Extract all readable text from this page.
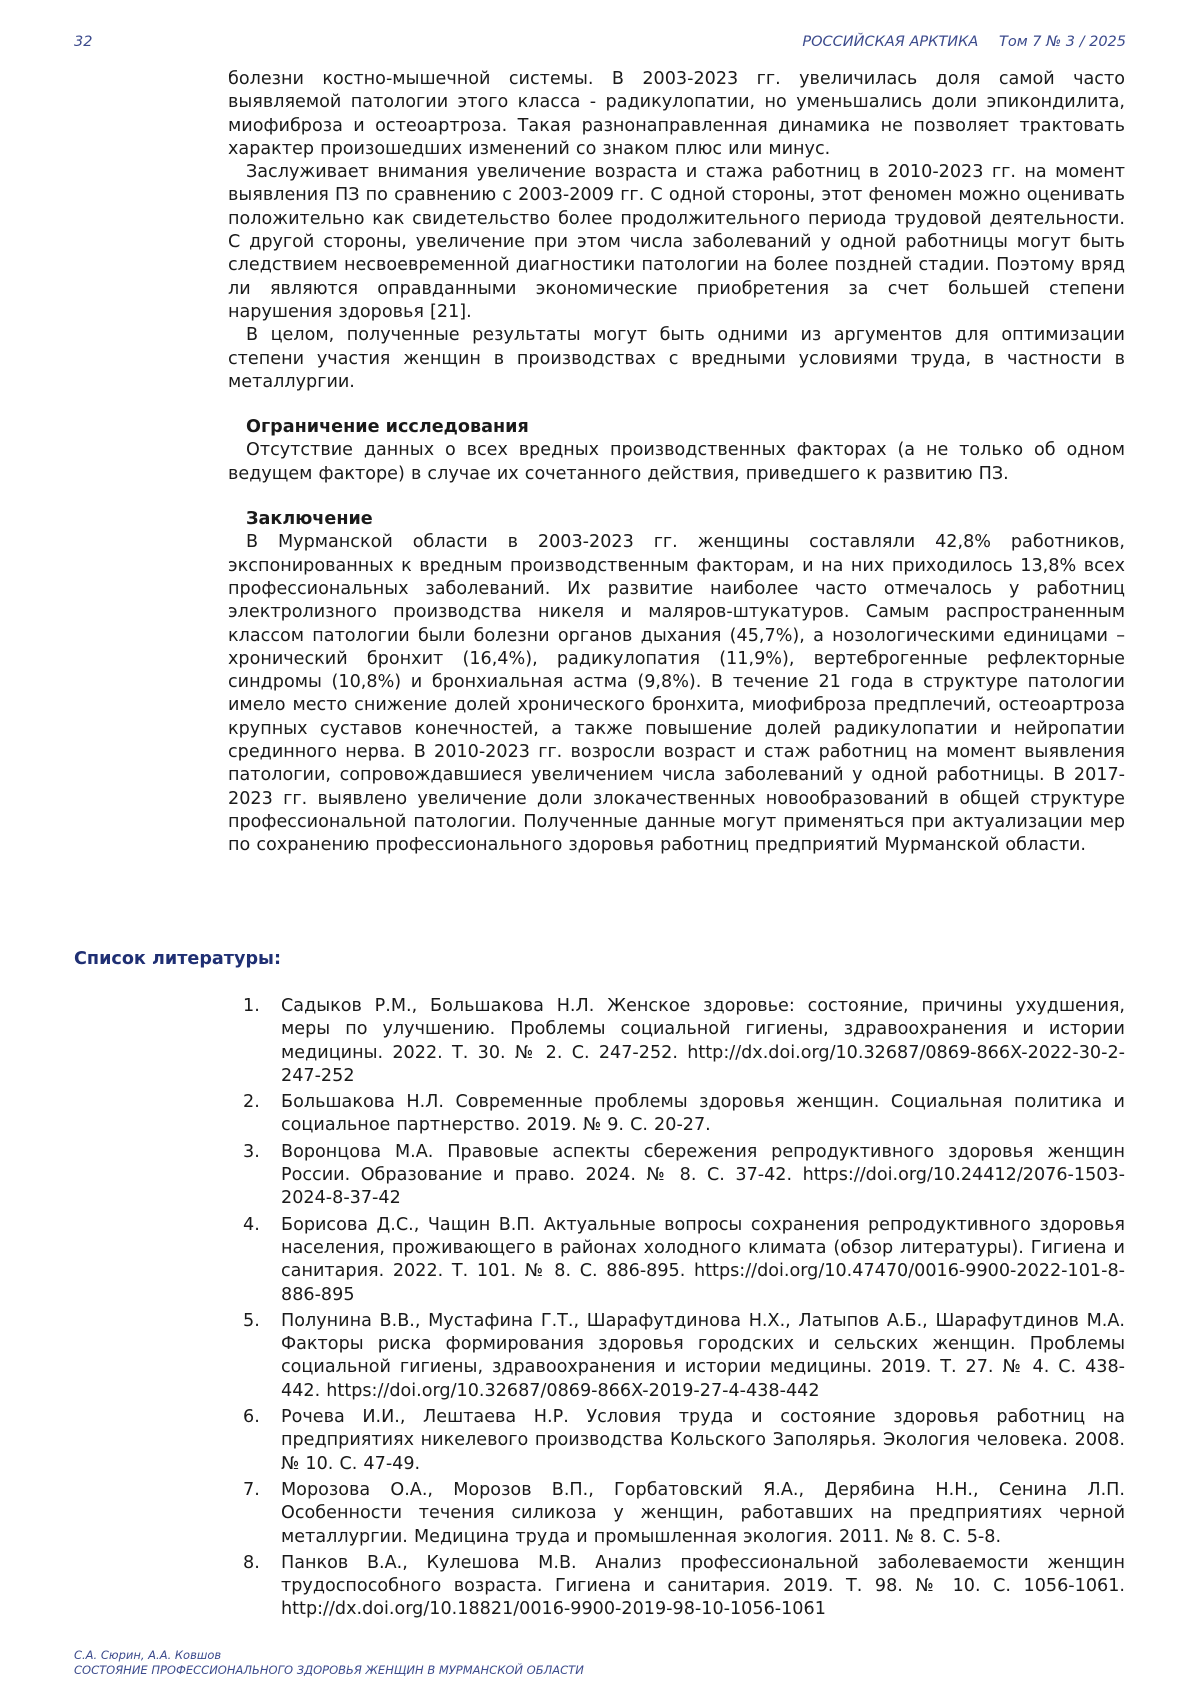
32	РОССИЙСКАЯ АРКТИКА Том 7 № 3 / 2025

болезни костно-мышечной системы. В 2003-2023 гг. увеличилась доля самой часто выявляемой патологии этого класса - радикулопатии, но уменьшались доли эпикондилита, миофиброза и остеоартроза. Такая разнонаправленная динамика не позволяет трактовать характер произошедших изменений со знаком плюс или минус.

Заслуживает внимания увеличение возраста и стажа работниц в 2010-2023 гг. на момент выявления ПЗ по сравнению с 2003-2009 гг. С одной стороны, этот феномен можно оценивать положительно как свидетельство более продолжительного периода трудовой деятельности. С другой стороны, увеличение при этом числа заболеваний у одной работницы могут быть следствием несвоевременной диагностики патологии на более поздней стадии. Поэтому вряд ли являются оправданными экономические приобретения за счет большей степени нарушения здоровья [21].

В целом, полученные результаты могут быть одними из аргументов для оптимизации степени участия женщин в производствах с вредными условиями труда, в частности в металлургии.

Ограничение исследования

Отсутствие данных о всех вредных производственных факторах (а не только об одном ведущем факторе) в случае их сочетанного действия, приведшего к развитию ПЗ.

Заключение

В Мурманской области в 2003-2023 гг. женщины составляли 42,8% работников, экспонированных к вредным производственным факторам, и на них приходилось 13,8% всех профессиональных заболеваний. Их развитие наиболее часто отмечалось у работниц электролизного производства никеля и маляров-штукатуров. Самым распространенным классом патологии были болезни органов дыхания (45,7%), а нозологическими единицами – хронический бронхит (16,4%), радикулопатия (11,9%), вертеброгенные рефлекторные синдромы (10,8%) и бронхиальная астма (9,8%). В течение 21 года в структуре патологии имело место снижение долей хронического бронхита, миофиброза предплечий, остеоартроза крупных суставов конечностей, а также повышение долей радикулопатии и нейропатии срединного нерва. В 2010-2023 гг. возросли возраст и стаж работниц на момент выявления патологии, сопровождавшиеся увеличением числа заболеваний у одной работницы. В 2017-2023 гг. выявлено увеличение доли злокачественных новообразований в общей структуре профессиональной патологии. Полученные данные могут применяться при актуализации мер по сохранению профессионального здоровья работниц предприятий Мурманской области.

Список литературы:
1. Садыков Р.М., Большакова Н.Л. Женское здоровье: состояние, причины ухудшения, меры по улучшению. Проблемы социальной гигиены, здравоохранения и истории медицины. 2022. Т. 30. № 2. С. 247-252. http://dx.doi.org/10.32687/0869-866X-2022-30-2-247-252
2. Большакова Н.Л. Современные проблемы здоровья женщин. Социальная политика и социальное партнерство. 2019. № 9. С. 20-27.
3. Воронцова М.А. Правовые аспекты сбережения репродуктивного здоровья женщин России. Образование и право. 2024. № 8. С. 37-42. https://doi.org/10.24412/2076-1503-2024-8-37-42
4. Борисова Д.С., Чащин В.П. Актуальные вопросы сохранения репродуктивного здоровья населения, проживающего в районах холодного климата (обзор литературы). Гигиена и санитария. 2022. Т. 101. № 8. С. 886-895. https://doi.org/10.47470/0016-9900-2022-101-8-886-895
5. Полунина В.В., Мустафина Г.Т., Шарафутдинова Н.Х., Латыпов А.Б., Шарафутдинов М.А. Факторы риска формирования здоровья городских и сельских женщин. Проблемы социальной гигиены, здравоохранения и истории медицины. 2019. Т. 27. № 4. С. 438-442. https://doi.org/10.32687/0869-866X-2019-27-4-438-442
6. Рочева И.И., Лештаева Н.Р. Условия труда и состояние здоровья работниц на предприятиях никелевого производства Кольского Заполярья. Экология человека. 2008. № 10. С. 47-49.
7. Морозова О.А., Морозов В.П., Горбатовский Я.А., Дерябина Н.Н., Сенина Л.П. Особенности течения силикоза у женщин, работавших на предприятиях черной металлургии. Медицина труда и промышленная экология. 2011. № 8. С. 5-8.
8. Панков В.А., Кулешова М.В. Анализ профессиональной заболеваемости женщин трудоспособного возраста. Гигиена и санитария. 2019. Т. 98. № 10. С. 1056-1061. http://dx.doi.org/10.18821/0016-9900-2019-98-10-1056-1061
С.А. Сюрин, А.А. Ковшов
СОСТОЯНИЕ ПРОФЕССИОНАЛЬНОГО ЗДОРОВЬЯ ЖЕНЩИН В МУРМАНСКОЙ ОБЛАСТИ
